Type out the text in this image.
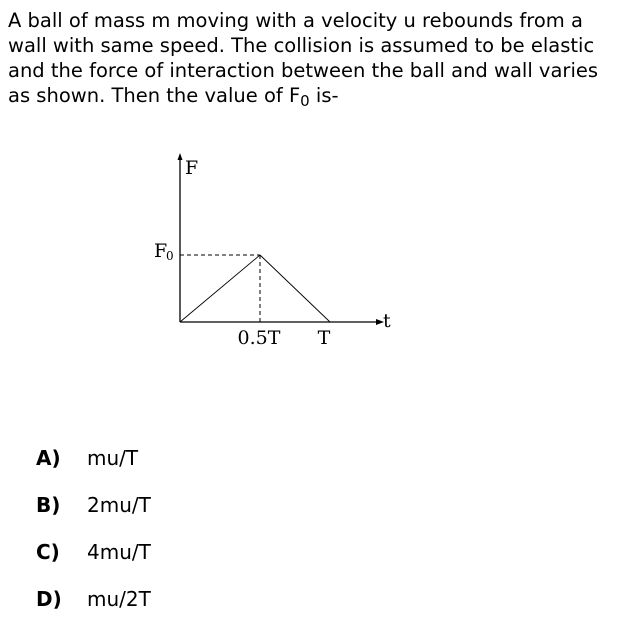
A ball of mass m moving with a velocity u rebounds from a wall with same speed. The collision is assumed to be elastic and the force of interaction between the ball and wall varies as shown. Then the value of $F_0$ is-

F
t
F
0
0.5T T
A)	mu/T
B)	2mu/T
C)	4mu/T
D)	mu/2T
